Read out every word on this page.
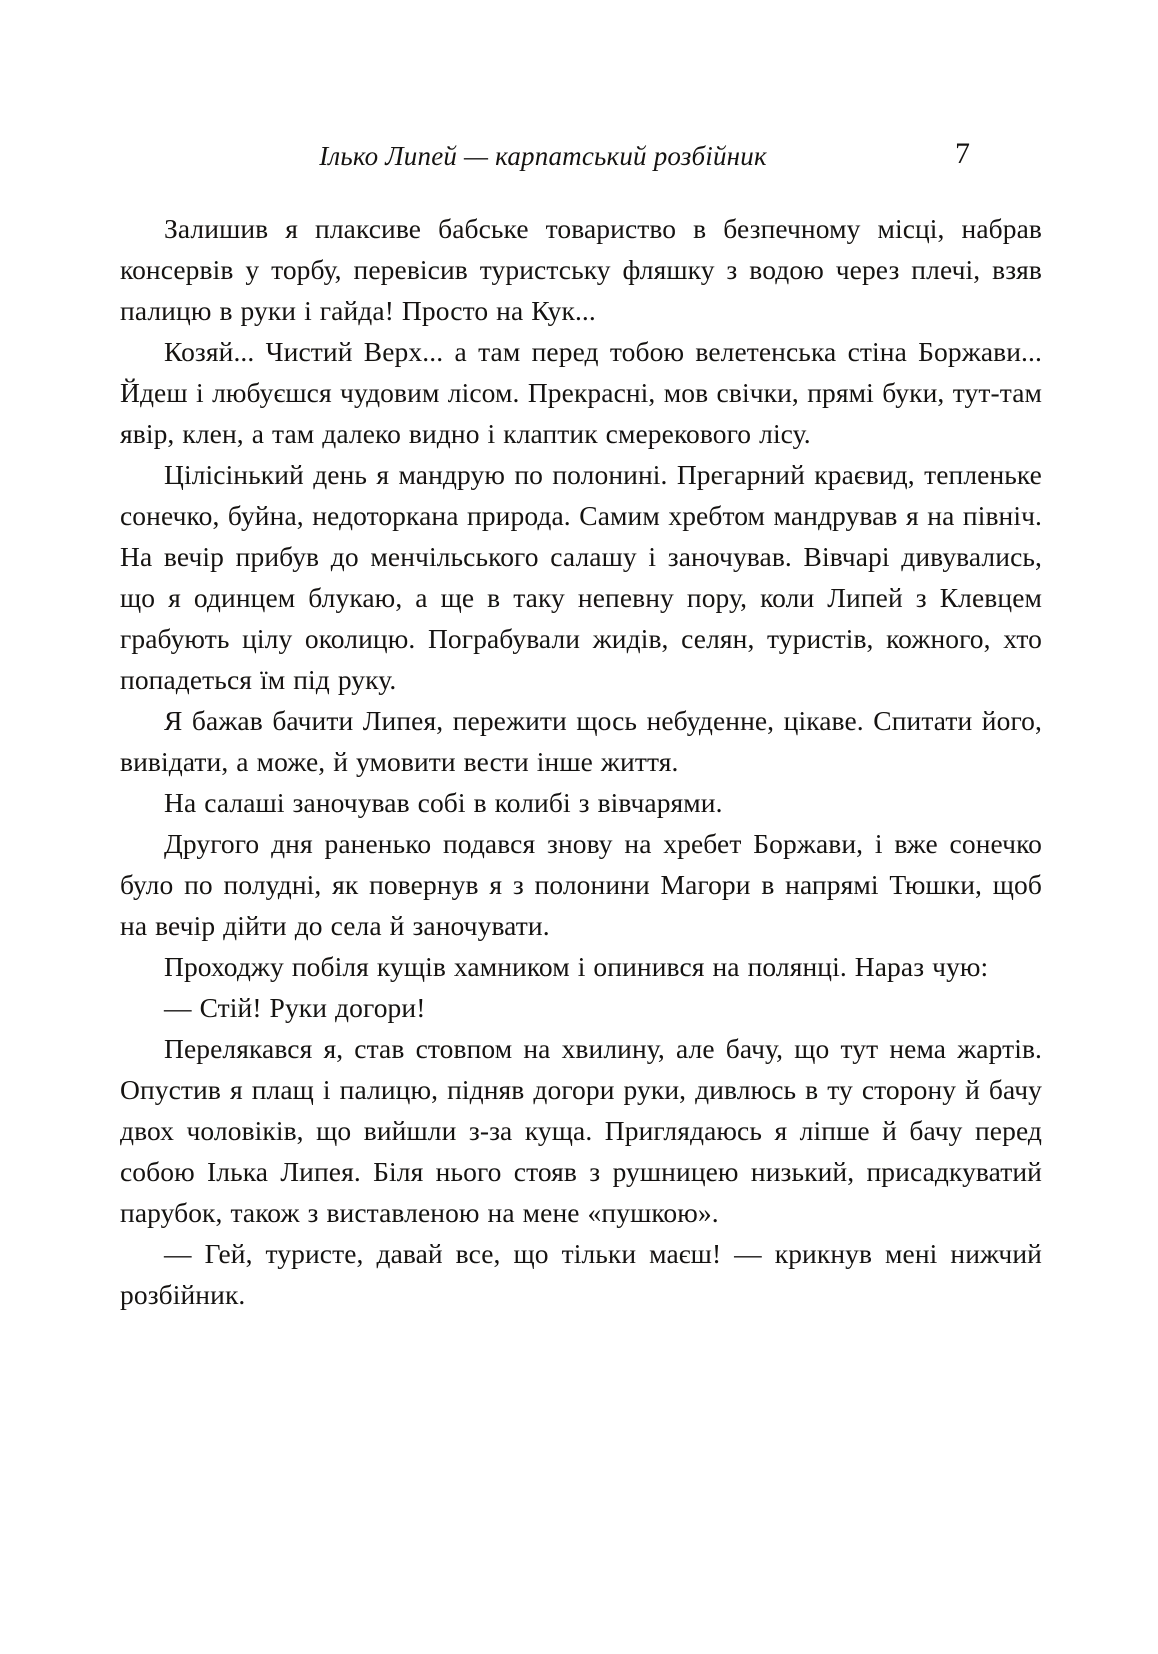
Ілько Липей — карпатський розбійник	7

Залишив я плаксиве бабське товариство в безпечному місці, набрав консервів у торбу, перевісив туристську фляшку з водою через плечі, взяв палицю в руки і гайда! Просто на Кук...

Козяй... Чистий Верх... а там перед тобою велетенська стіна Боржави... Йдеш і любуєшся чудовим лісом. Прекрасні, мов свічки, прямі буки, тут-там явір, клен, а там далеко видно і клаптик смерекового лісу.

Цілісінький день я мандрую по полонині. Прегарний краєвид, тепленьке сонечко, буйна, недоторкана природа. Самим хребтом мандрував я на північ. На вечір прибув до менчільського салашу і заночував. Вівчарі дивувались, що я одинцем блукаю, а ще в таку непевну пору, коли Липей з Клевцем грабують цілу околицю. Пограбували жидів, селян, туристів, кожного, хто попадеться їм під руку.

Я бажав бачити Липея, пережити щось небуденне, цікаве. Спитати його, вивідати, а може, й умовити вести інше життя.

На салаші заночував собі в колибі з вівчарями.

Другого дня раненько подався знову на хребет Боржави, і вже сонечко було по полудні, як повернув я з полонини Магори в напрямі Тюшки, щоб на вечір дійти до села й заночувати.

Проходжу побіля кущів хамником і опинився на полянці. Нараз чую:

— Стій! Руки догори!

Перелякався я, став стовпом на хвилину, але бачу, що тут нема жартів. Опустив я плащ і палицю, підняв догори руки, дивлюсь в ту сторону й бачу двох чоловіків, що вийшли з-за куща. Приглядаюсь я ліпше й бачу перед собою Ілька Липея. Біля нього стояв з рушницею низький, присадкуватий парубок, також з виставленою на мене «пушкою».

— Гей, туристе, давай все, що тільки маєш! — крикнув мені нижчий розбійник.
